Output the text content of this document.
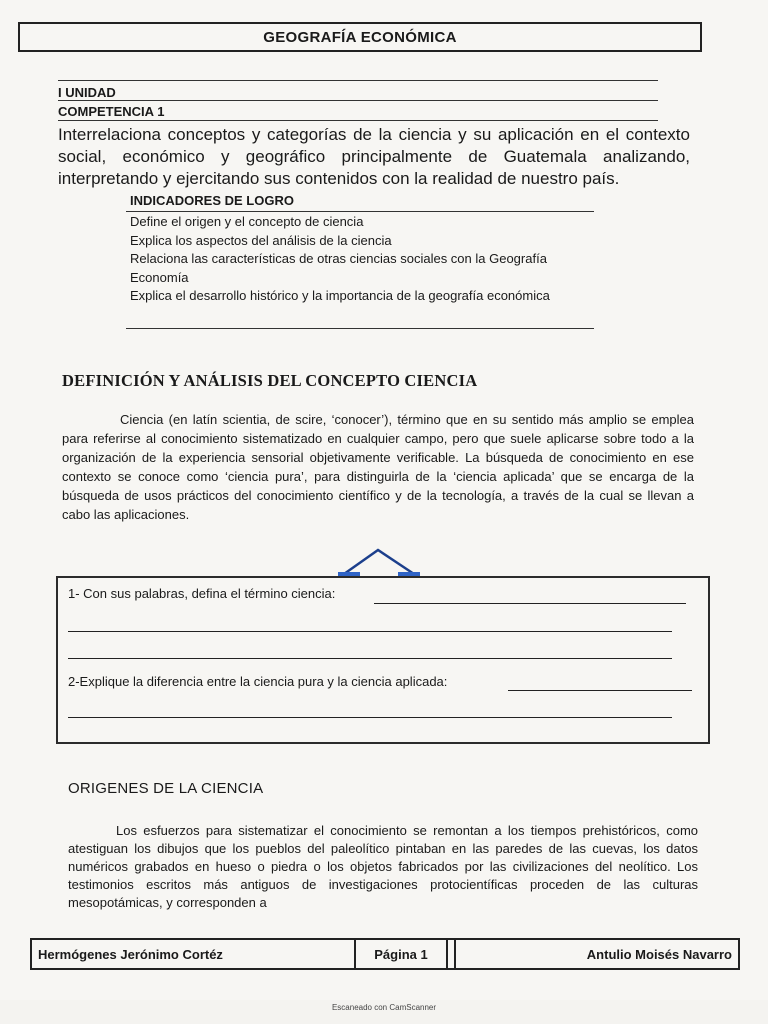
GEOGRAFÍA ECONÓMICA
I UNIDAD
COMPETENCIA 1
Interrelaciona conceptos y categorías de la ciencia y su aplicación en el contexto social, económico y geográfico principalmente de Guatemala analizando, interpretando y ejercitando sus contenidos con la realidad de nuestro país.
INDICADORES DE LOGRO
Define el origen y el concepto de ciencia
Explica los aspectos del análisis de la ciencia
Relaciona las características de otras ciencias sociales con la Geografía Economía
Explica el desarrollo histórico y la importancia de la geografía económica
DEFINICIÓN Y ANÁLISIS DEL CONCEPTO CIENCIA

Ciencia (en latín scientia, de scire, ‘conocer’), término que en su sentido más amplio se emplea para referirse al conocimiento sistematizado en cualquier campo, pero que suele aplicarse sobre todo a la organización de la experiencia sensorial objetivamente verificable. La búsqueda de conocimiento en ese contexto se conoce como ‘ciencia pura’, para distinguirla de la ‘ciencia aplicada’ que se encarga de la búsqueda de usos prácticos del conocimiento científico y de la tecnología, a través de la cual se llevan a cabo las aplicaciones.

1- Con sus palabras, defina el término ciencia:
2-Explique la diferencia entre la ciencia pura y la ciencia aplicada:
ORIGENES DE LA CIENCIA

Los esfuerzos para sistematizar el conocimiento se remontan a los tiempos prehistóricos, como atestiguan los dibujos que los pueblos del paleolítico pintaban en las paredes de las cuevas, los datos numéricos grabados en hueso o piedra o los objetos fabricados por las civilizaciones del neolítico. Los testimonios escritos más antiguos de investigaciones protocientíficas proceden de las culturas mesopotámicas, y corresponden a

Hermógenes Jerónimo Cortéz	Página 1	Antulio Moisés Navarro
Escaneado con CamScanner
